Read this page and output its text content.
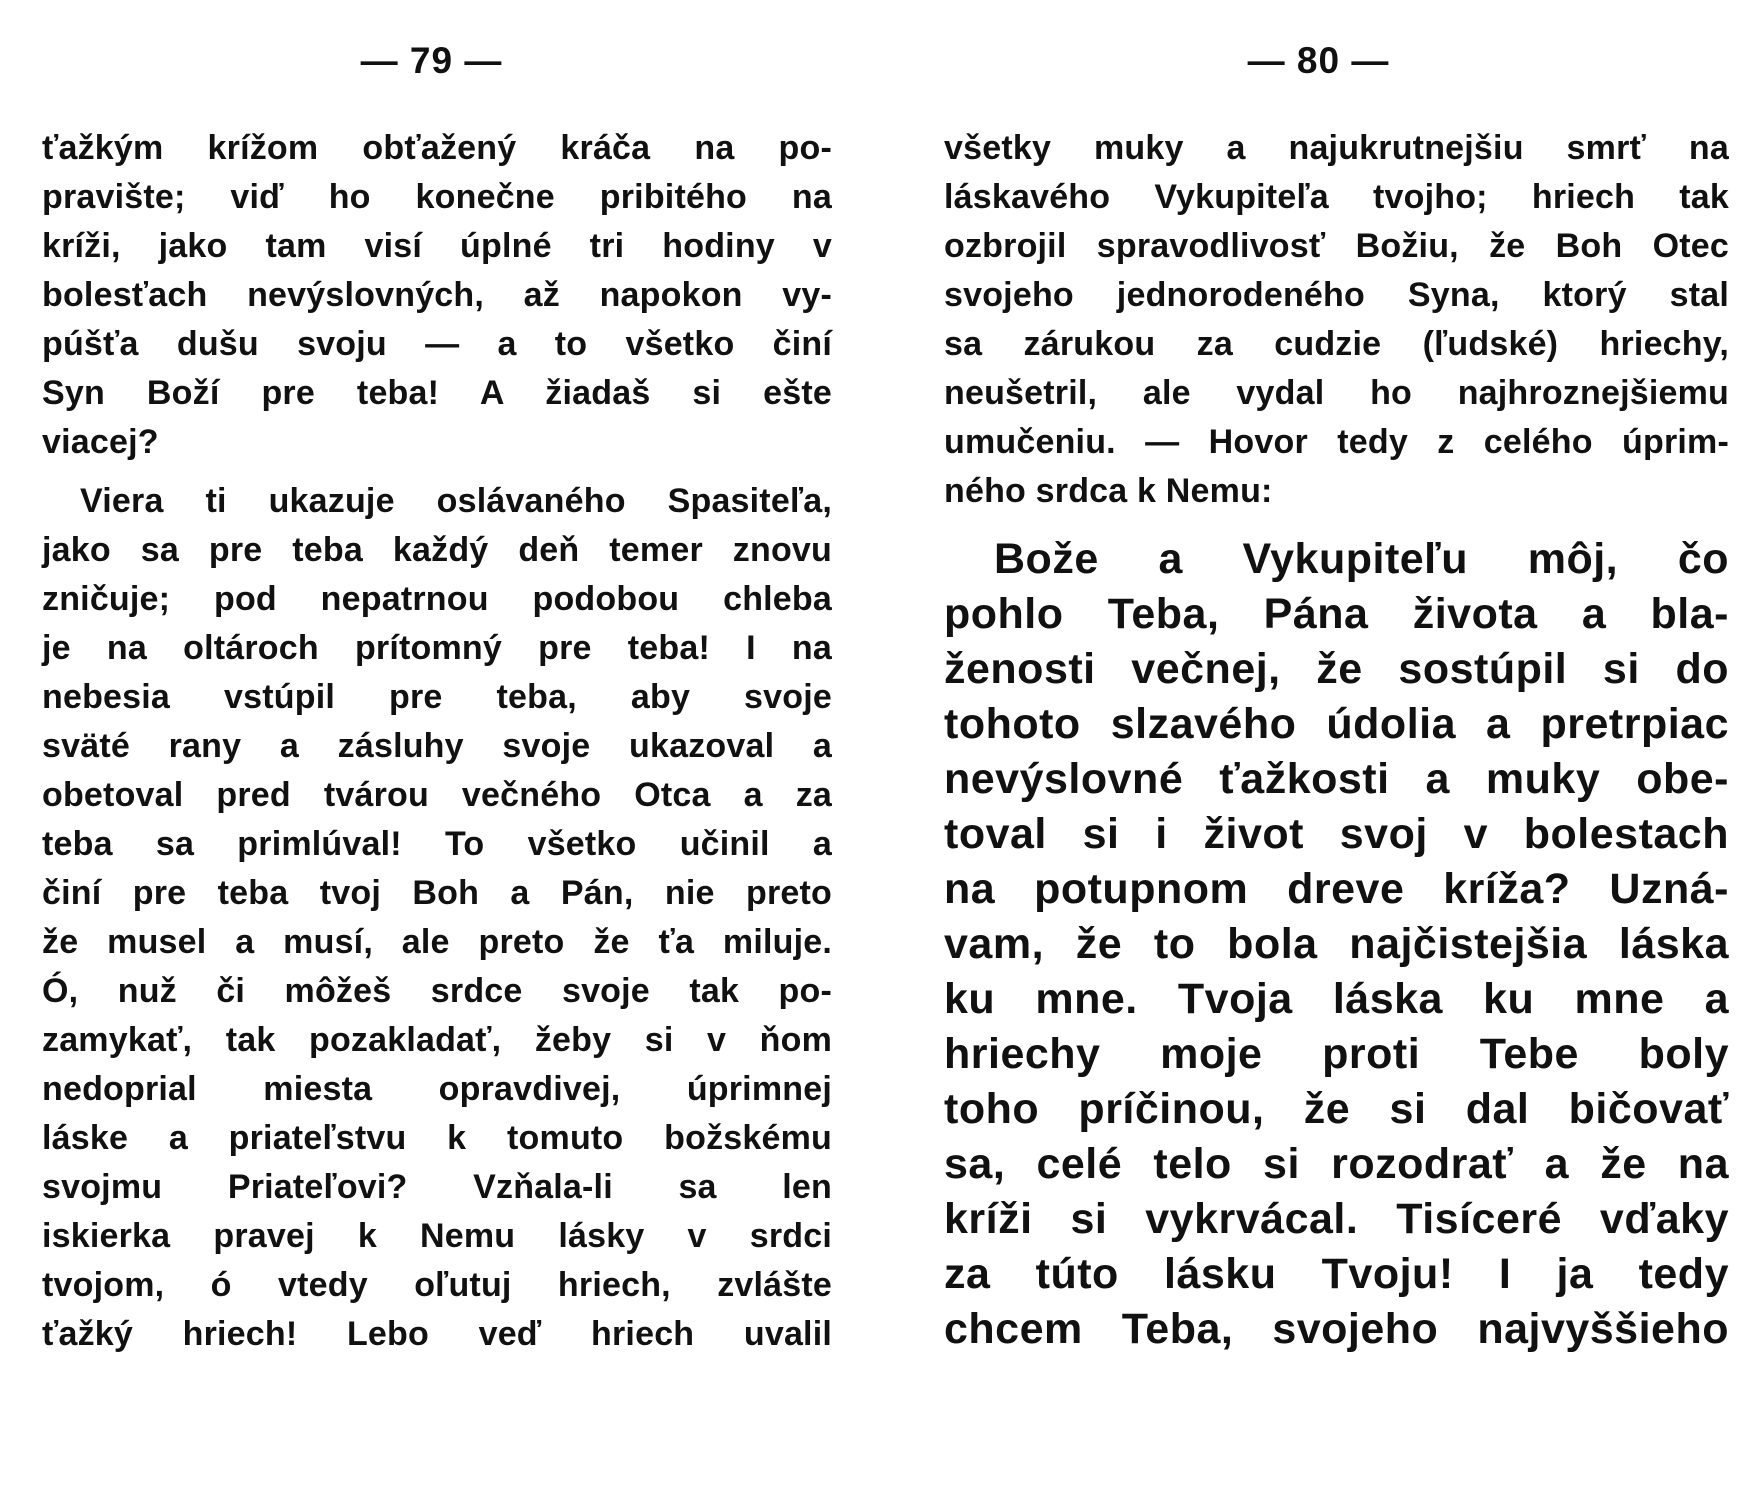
— 79 —
ťažkým krížom obťažený kráča na po-
pravište; viď ho konečne pribitého na
kríži, jako tam visí úplné tri hodiny v
bolesťach nevýslovných, až napokon vy-
púšťa dušu svoju — a to všetko činí
Syn Boží pre teba! A žiadaš si ešte
viacej?
Viera ti ukazuje oslávaného Spasiteľa,
jako sa pre teba každý deň temer znovu
zničuje; pod nepatrnou podobou chleba
je na oltároch prítomný pre teba! I na
nebesia vstúpil pre teba, aby svoje
sväté rany a zásluhy svoje ukazoval a
obetoval pred tvárou večného Otca a za
teba sa primlúval! To všetko učinil a
činí pre teba tvoj Boh a Pán, nie preto
že musel a musí, ale preto že ťa miluje.
Ó, nuž či môžeš srdce svoje tak po-
zamykať, tak pozakladať, žeby si v ňom
nedoprial miesta opravdivej, úprimnej
láske a priateľstvu k tomuto božskému
svojmu Priateľovi? Vzňala-li sa len
iskierka pravej k Nemu lásky v srdci
tvojom, ó vtedy oľutuj hriech, zvlášte
ťažký hriech! Lebo veď hriech uvalil
— 80 —
všetky muky a najukrutnejšiu smrť na
láskavého Vykupiteľa tvojho; hriech tak
ozbrojil spravodlivosť Božiu, že Boh Otec
svojeho jednorodeného Syna, ktorý stal
sa zárukou za cudzie (ľudské) hriechy,
neušetril, ale vydal ho najhroznejšiemu
umučeniu. — Hovor tedy z celého úprim-
ného srdca k Nemu:
Bože a Vykupiteľu môj, čo
pohlo Teba, Pána života a bla-
ženosti večnej, že sostúpil si do
tohoto slzavého údolia a pretrpiac
nevýslovné ťažkosti a muky obe-
toval si i život svoj v bolestach
na potupnom dreve kríža? Uzná-
vam, že to bola najčistejšia láska
ku mne. Tvoja láska ku mne a
hriechy moje proti Tebe boly
toho príčinou, že si dal bičovať
sa, celé telo si rozodrať a že na
kríži si vykrvácal. Tisíceré vďaky
za túto lásku Tvoju! I ja tedy
chcem Teba, svojeho najvyššieho
